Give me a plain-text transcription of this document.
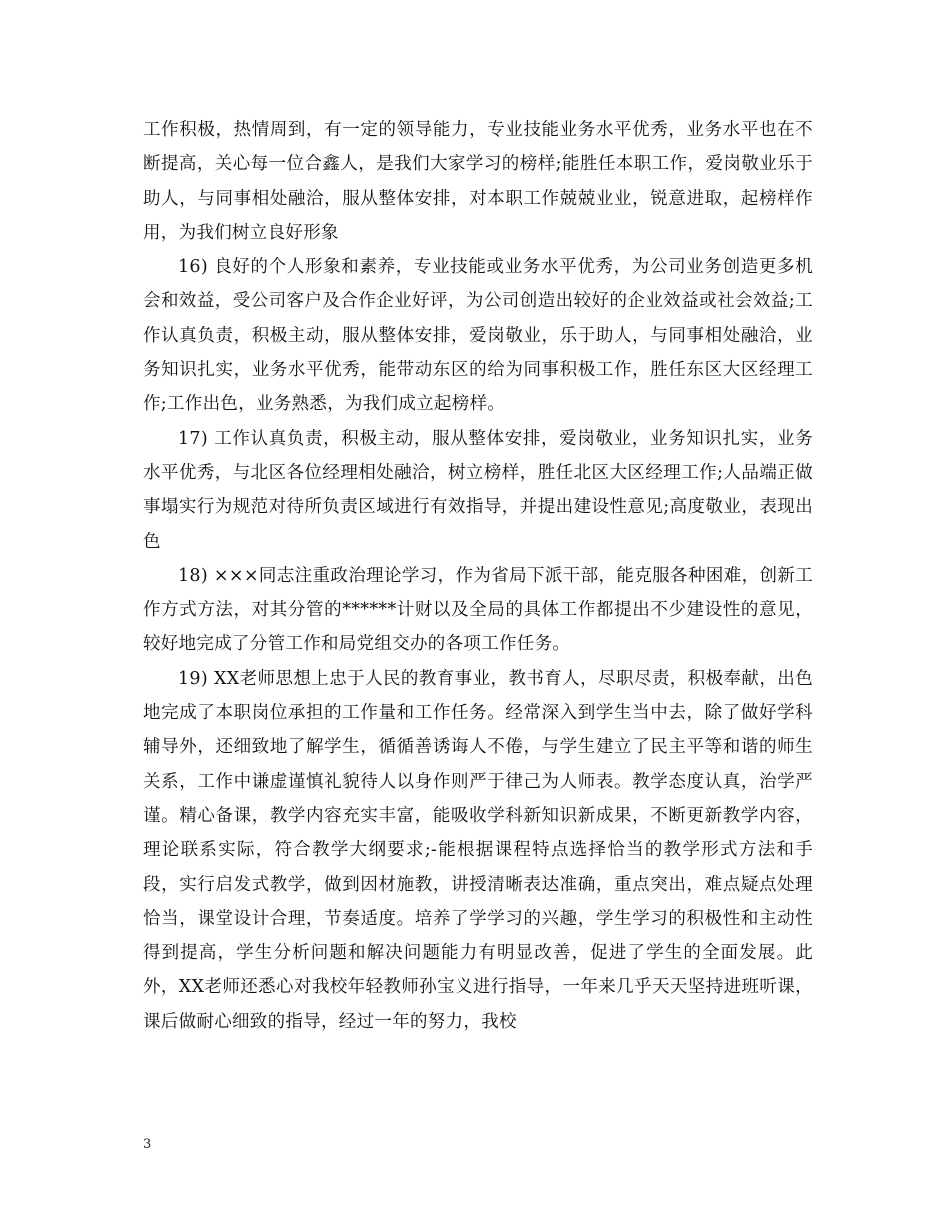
工作积极，热情周到，有一定的领导能力，专业技能业务水平优秀，业务水平也在不断提高，关心每一位合鑫人，是我们大家学习的榜样;能胜任本职工作，爱岗敬业乐于助人，与同事相处融洽，服从整体安排，对本职工作兢兢业业，锐意进取，起榜样作用，为我们树立良好形象

16) 良好的个人形象和素养，专业技能或业务水平优秀，为公司业务创造更多机会和效益，受公司客户及合作企业好评，为公司创造出较好的企业效益或社会效益;工作认真负责，积极主动，服从整体安排，爱岗敬业，乐于助人，与同事相处融洽，业务知识扎实，业务水平优秀，能带动东区的给为同事积极工作，胜任东区大区经理工作;工作出色，业务熟悉，为我们成立起榜样。

17) 工作认真负责，积极主动，服从整体安排，爱岗敬业，业务知识扎实，业务水平优秀，与北区各位经理相处融洽，树立榜样，胜任北区大区经理工作;人品端正做事塌实行为规范对待所负责区域进行有效指导，并提出建设性意见;高度敬业，表现出色

18) ×××同志注重政治理论学习，作为省局下派干部，能克服各种困难，创新工作方式方法，对其分管的******计财以及全局的具体工作都提出不少建设性的意见，较好地完成了分管工作和局党组交办的各项工作任务。

19) XX老师思想上忠于人民的教育事业，教书育人，尽职尽责，积极奉献，出色地完成了本职岗位承担的工作量和工作任务。经常深入到学生当中去，除了做好学科辅导外，还细致地了解学生，循循善诱诲人不倦，与学生建立了民主平等和谐的师生关系，工作中谦虚谨慎礼貌待人以身作则严于律己为人师表。教学态度认真，治学严谨。精心备课，教学内容充实丰富，能吸收学科新知识新成果，不断更新教学内容，理论联系实际，符合教学大纲要求;-能根据课程特点选择恰当的教学形式方法和手段，实行启发式教学，做到因材施教，讲授清晰表达准确，重点突出，难点疑点处理恰当，课堂设计合理，节奏适度。培养了学学习的兴趣，学生学习的积极性和主动性得到提高，学生分析问题和解决问题能力有明显改善，促进了学生的全面发展。此外，XX老师还悉心对我校年轻教师孙宝义进行指导，一年来几乎天天坚持进班听课，课后做耐心细致的指导，经过一年的努力，我校

3
